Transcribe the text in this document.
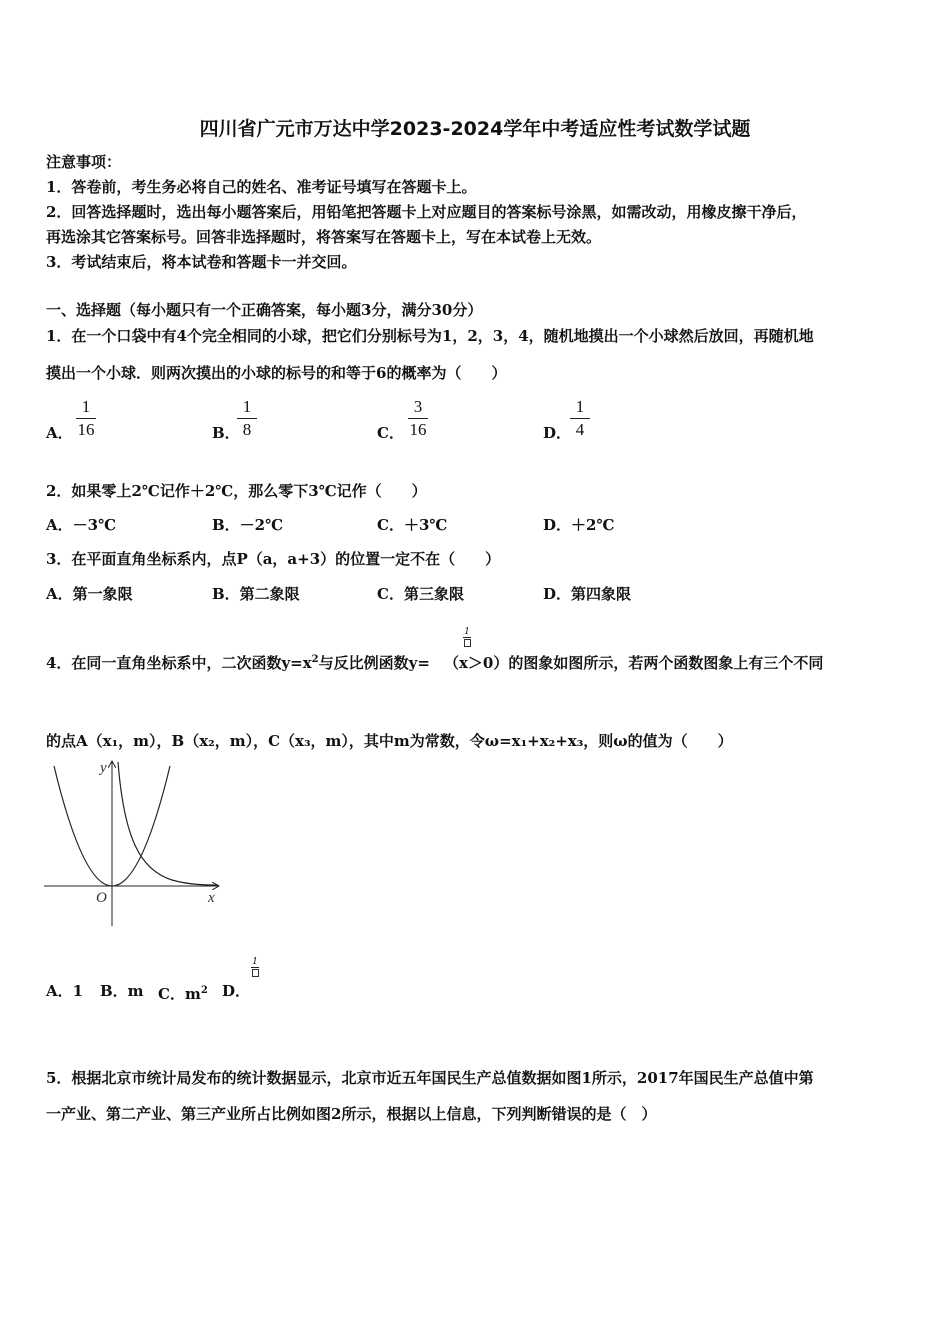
四川省广元市万达中学2023-2024学年中考适应性考试数学试题
注意事项：
1．答卷前，考生务必将自己的姓名、准考证号填写在答题卡上。
2．回答选择题时，选出每小题答案后，用铅笔把答题卡上对应题目的答案标号涂黑，如需改动，用橡皮擦干净后，
再选涂其它答案标号。回答非选择题时，将答案写在答题卡上，写在本试卷上无效。
3．考试结束后，将本试卷和答题卡一并交回。
一、选择题（每小题只有一个正确答案，每小题3分，满分30分）
1．在一个口袋中有4个完全相同的小球，把它们分别标号为1，2，3，4，随机地摸出一个小球然后放回，再随机地
摸出一个小球．则两次摸出的小球的标号的和等于6的概率为（　　）
A．
1
16	B．
1
8	C．
3
16	D．
1
4
2．如果零上2℃记作＋2℃，那么零下3℃记作（　　）
A．－3℃	B．－2℃	C．＋3℃	D．＋2℃
3．在平面直角坐标系内，点P（a，a+3）的位置一定不在（　　）
A．第一象限	B．第二象限	C．第三象限	D．第四象限
4．在同一直角坐标系中，二次函数$y=x^2$与反比例函数y= （x＞0）的图象如图所示，若两个函数图象上有三个不同
1
的点A（x₁，m），B（x₂，m），C（x₃，m），其中m为常数，令ω=x₁+x₂+x₃，则ω的值为（　　）
y
x
O
A．1 B．m C．$m^2$ D．
1
5．根据北京市统计局发布的统计数据显示，北京市近五年国民生产总值数据如图1所示，2017年国民生产总值中第
一产业、第二产业、第三产业所占比例如图2所示，根据以上信息，下列判断错误的是（　）
